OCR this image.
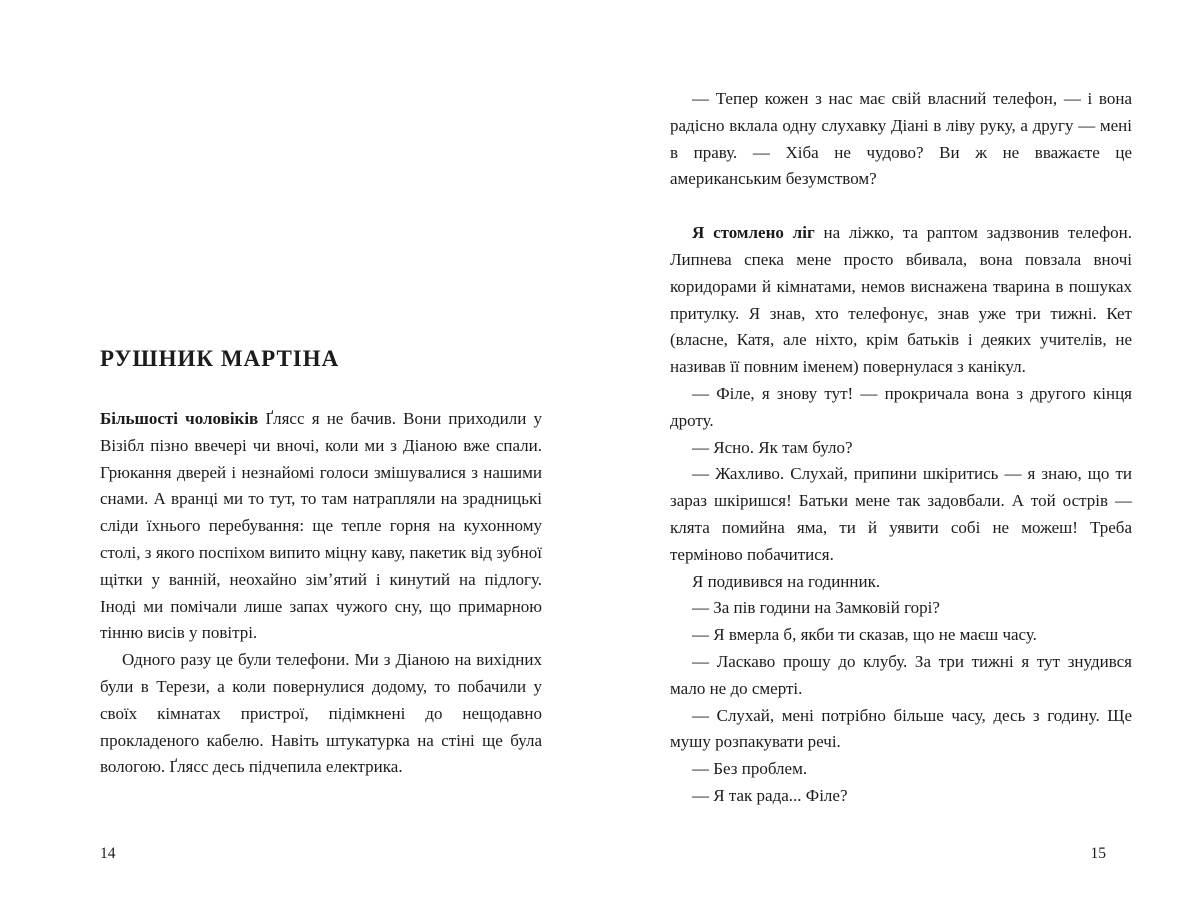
РУШНИК МАРТІНА

Більшості чоловіків Ґлясс я не бачив. Вони приходили у Візібл пізно ввечері чи вночі, коли ми з Діаною вже спали. Грюкання дверей і незнайомі голоси змішувалися з нашими снами. А вранці ми то тут, то там натрапляли на зрадницькі сліди їхнього перебування: ще тепле горня на кухонному столі, з якого поспіхом випито міцну каву, пакетик від зубної щітки у ванній, неохайно зімʼятий і кинутий на підлогу. Іноді ми помічали лише запах чужого сну, що примарною тінню висів у повітрі.

Одного разу це були телефони. Ми з Діаною на вихідних були в Терези, а коли повернулися додому, то побачили у своїх кімнатах пристрої, підімкнені до нещодавно прокладеного кабелю. Навіть штукатурка на стіні ще була вологою. Ґлясс десь підчепила електрика.

14

— Тепер кожен з нас має свій власний телефон, — і вона радісно вклала одну слухавку Діані в ліву руку, а другу — мені в праву. — Хіба не чудово? Ви ж не вважаєте це американським безумством?

Я стомлено ліг на ліжко, та раптом задзвонив телефон. Липнева спека мене просто вбивала, вона повзала вночі коридорами й кімнатами, немов виснажена тварина в пошуках притулку. Я знав, хто телефонує, знав уже три тижні. Кет (власне, Катя, але ніхто, крім батьків і деяких учителів, не називав її повним іменем) повернулася з канікул.

— Філе, я знову тут! — прокричала вона з другого кінця дроту.

— Ясно. Як там було?

— Жахливо. Слухай, припини шкіритись — я знаю, що ти зараз шкіришся! Батьки мене так задовбали. А той острів — клята помийна яма, ти й уявити собі не можеш! Треба терміново побачитися.

Я подивився на годинник.

— За пів години на Замковій горі?

— Я вмерла б, якби ти сказав, що не маєш часу.

— Ласкаво прошу до клубу. За три тижні я тут знудився мало не до смерті.

— Слухай, мені потрібно більше часу, десь з годину. Ще мушу розпакувати речі.

— Без проблем.

— Я так рада... Філе?

15
